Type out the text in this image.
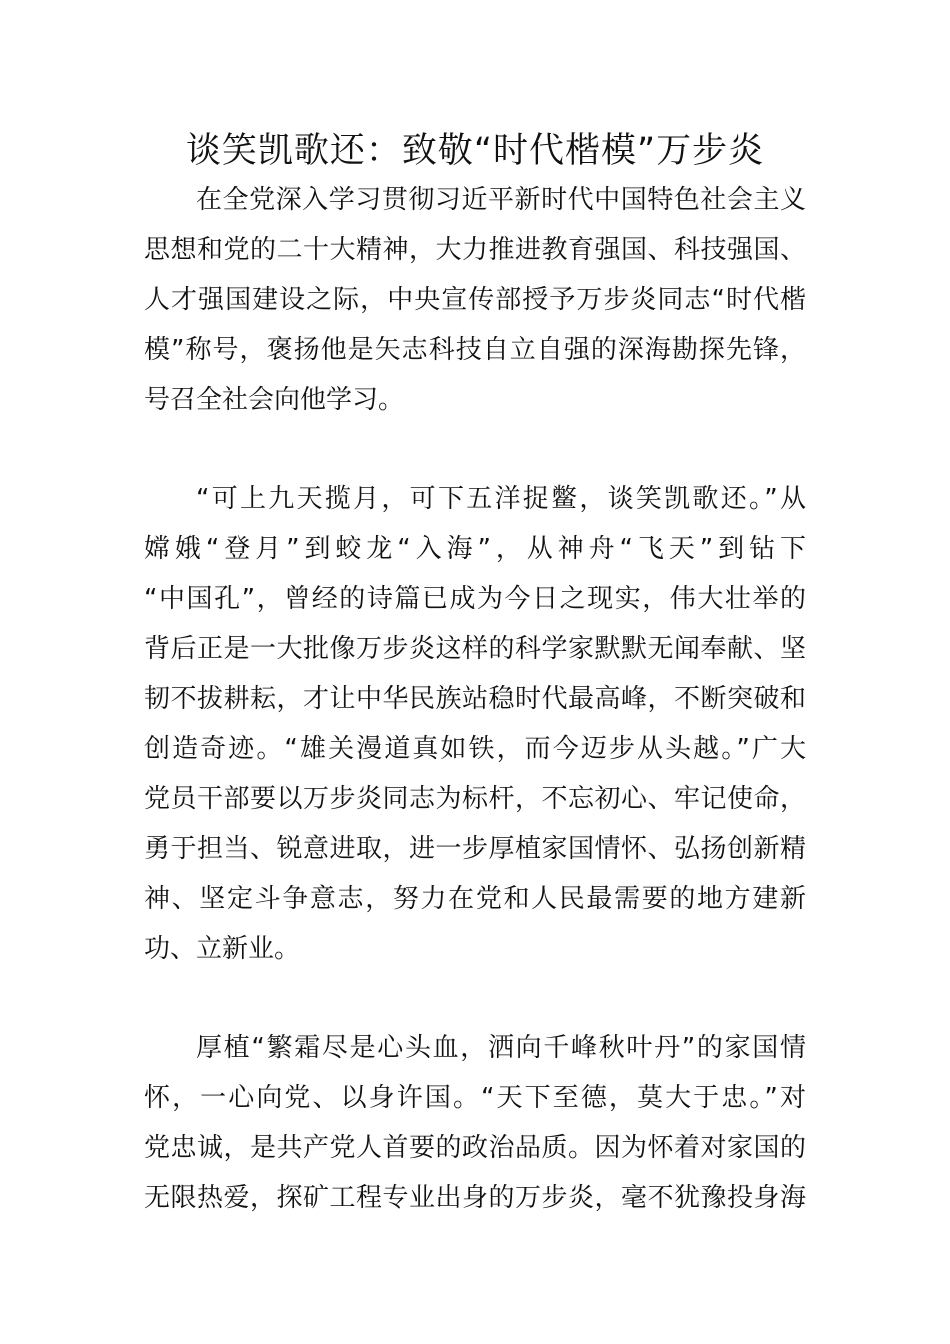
谈笑凯歌还：致敬“时代楷模”万步炎
在全党深入学习贯彻习近平新时代中国特色社会主义
思想和党的二十大精神，大力推进教育强国、科技强国、
人才强国建设之际，中央宣传部授予万步炎同志“时代楷
模”称号，褒扬他是矢志科技自立自强的深海勘探先锋，
号召全社会向他学习。
“可上九天揽月，可下五洋捉鳖，谈笑凯歌还。”从
嫦娥“登月”到蛟龙“入海”，从神舟“飞天”到钻下
“中国孔”，曾经的诗篇已成为今日之现实，伟大壮举的
背后正是一大批像万步炎这样的科学家默默无闻奉献、坚
韧不拔耕耘，才让中华民族站稳时代最高峰，不断突破和
创造奇迹。“雄关漫道真如铁，而今迈步从头越。”广大
党员干部要以万步炎同志为标杆，不忘初心、牢记使命，
勇于担当、锐意进取，进一步厚植家国情怀、弘扬创新精
神、坚定斗争意志，努力在党和人民最需要的地方建新
功、立新业。
厚植“繁霜尽是心头血，洒向千峰秋叶丹”的家国情
怀，一心向党、以身许国。“天下至德，莫大于忠。”对
党忠诚，是共产党人首要的政治品质。因为怀着对家国的
无限热爱，探矿工程专业出身的万步炎，毫不犹豫投身海
